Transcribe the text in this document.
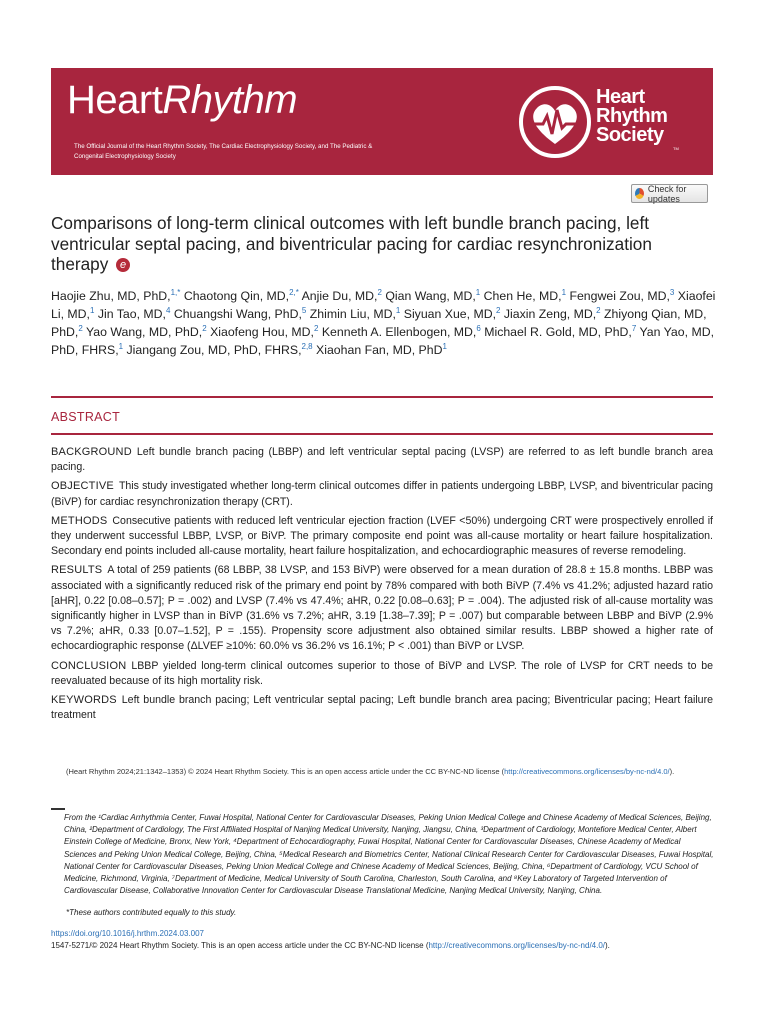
HeartRhythm
The Official Journal of the Heart Rhythm Society, The Cardiac Electrophysiology Society, and The Pediatric & Congenital Electrophysiology Society
Heart
Rhythm
Society
TM
Check for updates
Comparisons of long-term clinical outcomes with left bundle branch pacing, left ventricular septal pacing, and biventricular pacing for cardiac resynchronization therapy e
Haojie Zhu, MD, PhD,$^{1,*}$ Chaotong Qin, MD,$^{2,*}$ Anjie Du, MD,$^2$ Qian Wang, MD,$^1$ Chen He, MD,$^1$ Fengwei Zou, MD,$^3$ Xiaofei Li, MD,$^1$ Jin Tao, MD,$^4$ Chuangshi Wang, PhD,$^5$ Zhimin Liu, MD,$^1$ Siyuan Xue, MD,$^2$ Jiaxin Zeng, MD,$^2$ Zhiyong Qian, MD, PhD,$^2$ Yao Wang, MD, PhD,$^2$ Xiaofeng Hou, MD,$^2$ Kenneth A. Ellenbogen, MD,$^6$ Michael R. Gold, MD, PhD,$^7$ Yan Yao, MD, PhD, FHRS,$^1$ Jiangang Zou, MD, PhD, FHRS,$^{2,8}$ Xiaohan Fan, MD, PhD$^1$
ABSTRACT

BACKGROUND Left bundle branch pacing (LBBP) and left ventricular septal pacing (LVSP) are referred to as left bundle branch area pacing.

OBJECTIVE This study investigated whether long-term clinical outcomes differ in patients undergoing LBBP, LVSP, and biventricular pacing (BiVP) for cardiac resynchronization therapy (CRT).

METHODS Consecutive patients with reduced left ventricular ejection fraction (LVEF <50%) undergoing CRT were prospectively enrolled if they underwent successful LBBP, LVSP, or BiVP. The primary composite end point was all-cause mortality or heart failure hospitalization. Secondary end points included all-cause mortality, heart failure hospitalization, and echocardiographic measures of reverse remodeling.

RESULTS A total of 259 patients (68 LBBP, 38 LVSP, and 153 BiVP) were observed for a mean duration of 28.8 ± 15.8 months. LBBP was associated with a significantly reduced risk of the primary end point by 78% compared with both BiVP (7.4% vs 41.2%; adjusted hazard ratio [aHR], 0.22 [0.08–0.57]; P = .002) and LVSP (7.4% vs 47.4%; aHR, 0.22 [0.08–0.63]; P = .004). The adjusted risk of all-cause mortality was significantly higher in LVSP than in BiVP (31.6% vs 7.2%; aHR, 3.19 [1.38–7.39]; P = .007) but comparable between LBBP and BiVP (2.9% vs 7.2%; aHR, 0.33 [0.07–1.52], P = .155). Propensity score adjustment also obtained similar results. LBBP showed a higher rate of echocardiographic response (ΔLVEF ≥10%: 60.0% vs 36.2% vs 16.1%; P < .001) than BiVP or LVSP.

CONCLUSION LBBP yielded long-term clinical outcomes superior to those of BiVP and LVSP. The role of LVSP for CRT needs to be reevaluated because of its high mortality risk.

KEYWORDS Left bundle branch pacing; Left ventricular septal pacing; Left bundle branch area pacing; Biventricular pacing; Heart failure treatment

(Heart Rhythm 2024;21:1342–1353) © 2024 Heart Rhythm Society. This is an open access article under the CC BY-NC-ND license (http://creativecommons.org/licenses/by-nc-nd/4.0/).
From the ¹Cardiac Arrhythmia Center, Fuwai Hospital, National Center for Cardiovascular Diseases, Peking Union Medical College and Chinese Academy of Medical Sciences, Beijing, China, ²Department of Cardiology, The First Affiliated Hospital of Nanjing Medical University, Nanjing, Jiangsu, China, ³Department of Cardiology, Montefiore Medical Center, Albert Einstein College of Medicine, Bronx, New York, ⁴Department of Echocardiography, Fuwai Hospital, National Center for Cardiovascular Diseases, Chinese Academy of Medical Sciences and Peking Union Medical College, Beijing, China, ⁵Medical Research and Biometrics Center, National Clinical Research Center for Cardiovascular Diseases, Fuwai Hospital, National Center for Cardiovascular Diseases, Peking Union Medical College and Chinese Academy of Medical Sciences, Beijing, China, ⁶Department of Cardiology, VCU School of Medicine, Richmond, Virginia, ⁷Department of Medicine, Medical University of South Carolina, Charleston, South Carolina, and ⁸Key Laboratory of Targeted Intervention of Cardiovascular Disease, Collaborative Innovation Center for Cardiovascular Disease Translational Medicine, Nanjing Medical University, Nanjing, China.
*These authors contributed equally to this study.
https://doi.org/10.1016/j.hrthm.2024.03.007
1547-5271/© 2024 Heart Rhythm Society. This is an open access article under the CC BY-NC-ND license (http://creativecommons.org/licenses/by-nc-nd/4.0/).
